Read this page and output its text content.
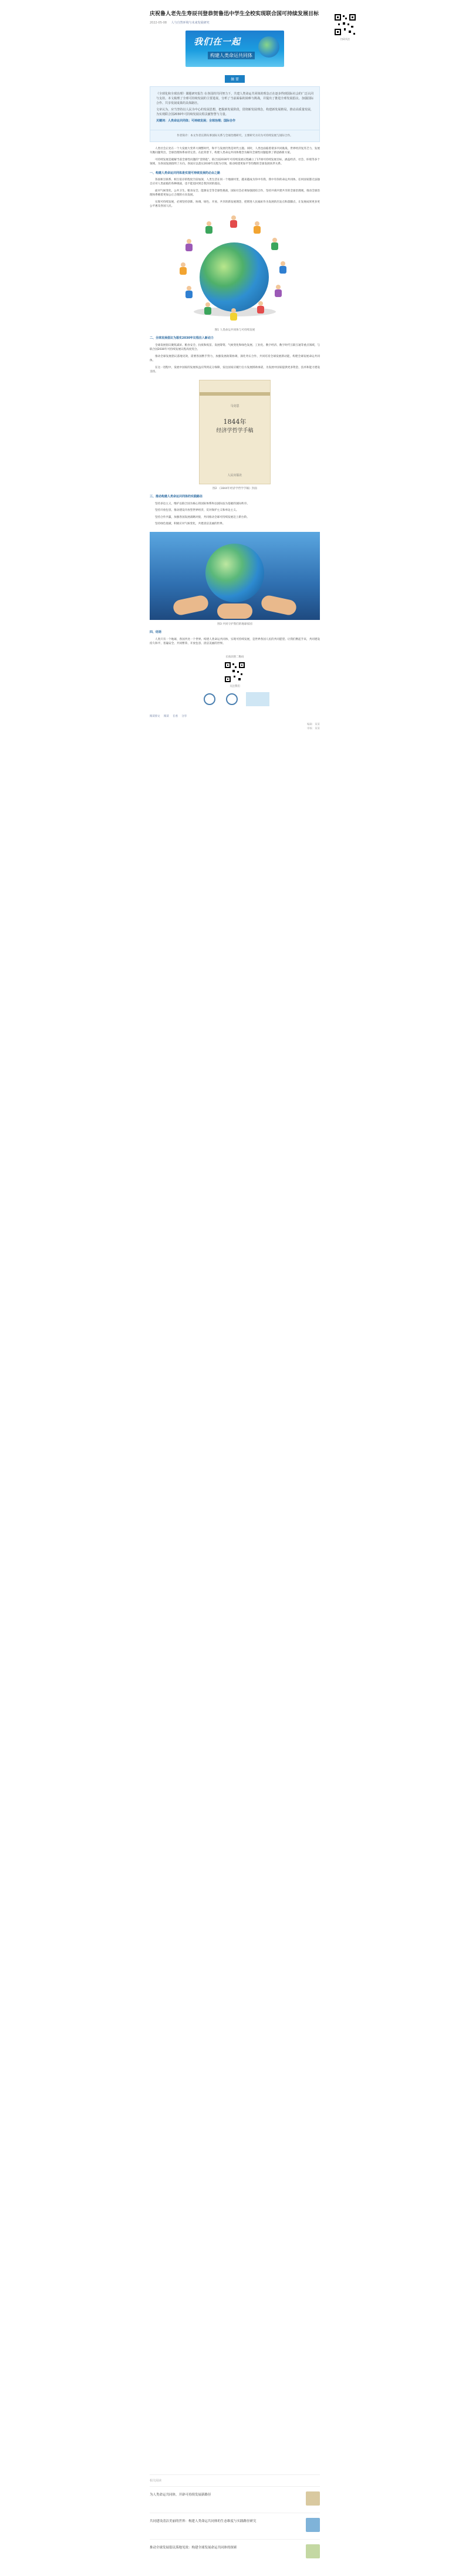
扫码关注
庆祝鲁人老先生寿辰刊登恭贺鲁迅中学生全校实现联合国可持续发展目标
2022-05-08 人与自然环境与未来发展研究
我们在一起
构建人类命运共同体
摘 要

《全球化和全球治理》课题研究报告 在各国的共同努力下，共建人类命运共同体的理念正在逐步得到国际社会的广泛认同与支持。本文梳理了全球可持续发展的主要进展，分析了当前面临的困难与挑战，并提出了推进全球发展倡议、加强国际合作、共享发展成果的具体路径。

文章认为，应当坚持以人民为中心的发展思想，把握新发展阶段，贯彻新发展理念，构建新发展格局，推动高质量发展，为实现联合国2030年可持续发展议程贡献智慧与力量。

关键词：人类命运共同体；可持续发展；全球治理；国际合作

作者简介：本文作者长期从事国际关系与全球治理研究，主要研究方向为可持续发展与国际合作。

人类社会正处在一个大发展大变革大调整时代，和平与发展仍然是时代主题。同时，人类也面临着诸多共同挑战，世界经济复苏乏力，发展失衡问题突出，全球治理体系亟待完善。在此背景下，构建人类命运共同体理念为解决全球性问题提供了新思路新方案。

可持续发展是破解当前全球性问题的“金钥匙”。联合国2030年可持续发展议程确立了17项可持续发展目标，涵盖经济、社会、环境等多个领域，为各国发展指明了方向。各国应以落实2030年议程为引领，推动构建更加平等均衡的全球发展伙伴关系。

一、构建人类命运共同体是实现可持续发展的必由之路

各国相互联系、相互依存的程度空前加深，人类生活在同一个地球村里，越来越成为你中有我、我中有你的命运共同体。任何国家都无法独自应对人类面临的各种挑战，也不能退回到自我封闭的孤岛。

面对气候变化、公共卫生、粮食安全、能源安全等全球性挑战，国际社会必须加强团结合作，坚持共商共建共享的全球治理观，推动全球治理体系朝着更加公正合理的方向发展。

实现可持续发展，必须坚持创新、协调、绿色、开放、共享的新发展理念，把增进人民福祉作为发展的出发点和落脚点，让发展成果更多更公平惠及各国人民。

图1 人类命运共同体与可持续发展
二、全球发展倡议为落实2030年议程注入新动力

全球发展倡议聚焦减贫、粮食安全、抗疫和疫苗、发展筹资、气候变化和绿色发展、工业化、数字经济、数字时代互联互通等重点领域，与联合国2030年可持续发展议程高度契合。

推动全球发展倡议落地见效，需要各国携手努力，加强发展政策协调，深化务实合作，共同培育全球发展新动能，构建全球发展命运共同体。

在这一进程中，发展中国家的发展权益应得到充分保障，发达国家应履行官方发展援助承诺，为发展中国家提供更多资金、技术和能力建设支持。

马克思
1844年
经济学哲学手稿
人民出版社
图2 《1844年经济学哲学手稿》封面
三、推动构建人类命运共同体的实践路径

坚持多边主义，维护以联合国为核心的国际体系和以国际法为基础的国际秩序。

坚持开放包容，推动建设开放型世界经济，反对保护主义和单边主义。

坚持合作共赢，加强各国发展战略对接，共同推动全球可持续发展迈上新台阶。

坚持绿色低碳，积极应对气候变化，共建清洁美丽的世界。

图3 共同守护我们的地球家园
四、结语

人类只有一个地球，各国共处一个世界。构建人类命运共同体，实现可持续发展，是世界各国人民的共同愿望。让我们携起手来，共同建设持久和平、普遍安全、共同繁荣、开放包容、清洁美丽的世界。

长按识别二维码
关注我们
阅读原文 阅读 在看 分享
编辑：某某
审核：某某
相关阅读
为人类命运共同体，开辟可持续发展新路径
共同建设清洁美丽的世界：构建人类命运共同体的生态维度与实践路径研究
推动全球发展倡议落地见效：构建全球发展命运共同体的探索
